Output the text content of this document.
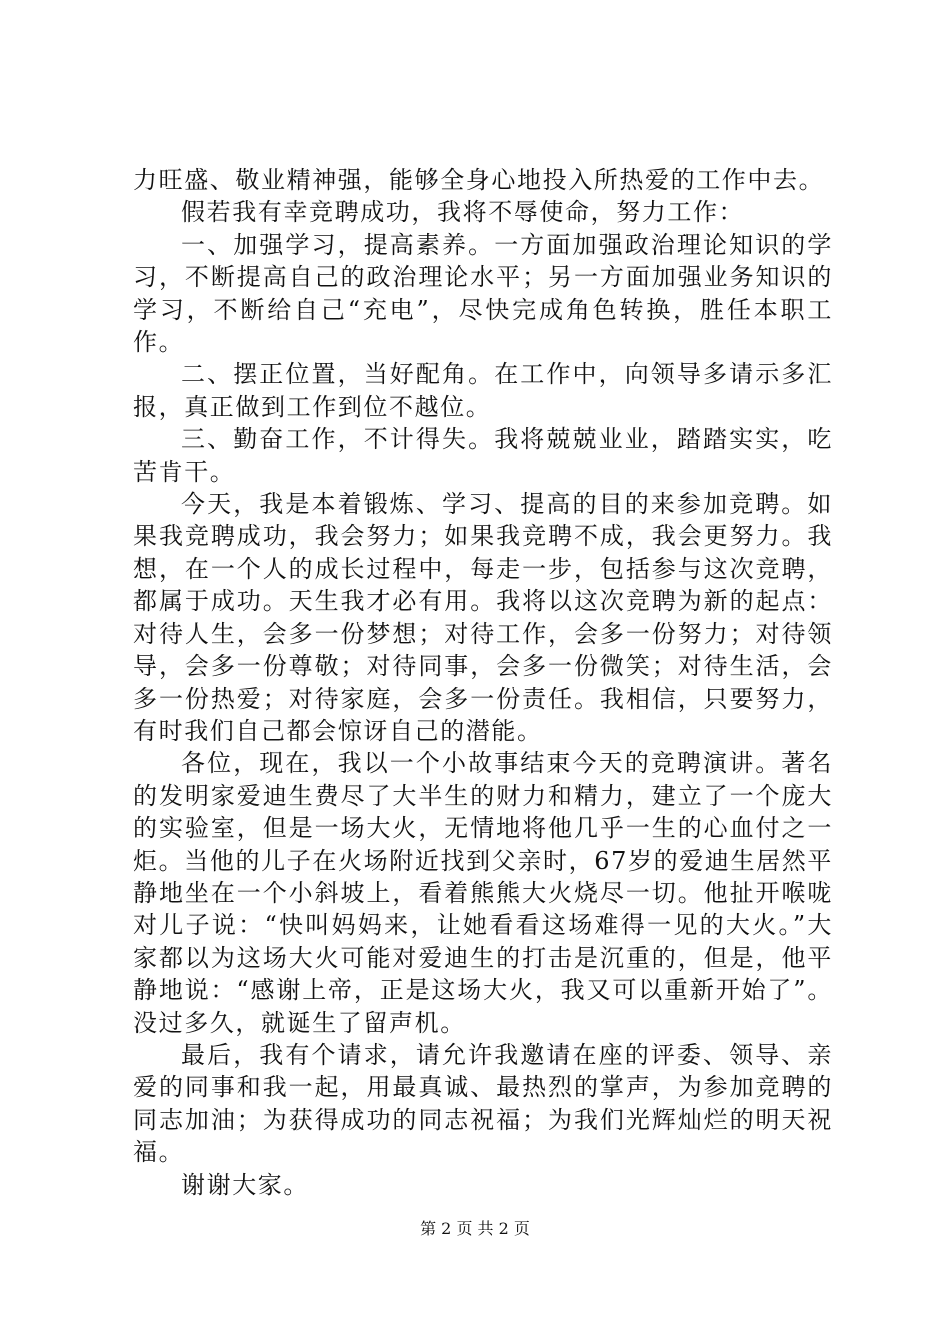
力旺盛、敬业精神强，能够全身心地投入所热爱的工作中去。

假若我有幸竞聘成功，我将不辱使命，努力工作：

一、加强学习，提高素养。一方面加强政治理论知识的学习，不断提高自己的政治理论水平；另一方面加强业务知识的学习，不断给自己“充电”，尽快完成角色转换，胜任本职工作。

二、摆正位置，当好配角。在工作中，向领导多请示多汇报，真正做到工作到位不越位。

三、勤奋工作，不计得失。我将兢兢业业，踏踏实实，吃苦肯干。

今天，我是本着锻炼、学习、提高的目的来参加竞聘。如果我竞聘成功，我会努力；如果我竞聘不成，我会更努力。我想，在一个人的成长过程中，每走一步，包括参与这次竞聘，都属于成功。天生我才必有用。我将以这次竞聘为新的起点：对待人生，会多一份梦想；对待工作，会多一份努力；对待领导，会多一份尊敬；对待同事，会多一份微笑；对待生活，会多一份热爱；对待家庭，会多一份责任。我相信，只要努力，有时我们自己都会惊讶自己的潜能。

各位，现在，我以一个小故事结束今天的竞聘演讲。著名的发明家爱迪生费尽了大半生的财力和精力，建立了一个庞大的实验室，但是一场大火，无情地将他几乎一生的心血付之一炬。当他的儿子在火场附近找到父亲时，67岁的爱迪生居然平静地坐在一个小斜坡上，看着熊熊大火烧尽一切。他扯开喉咙对儿子说：“快叫妈妈来，让她看看这场难得一见的大火。”大家都以为这场大火可能对爱迪生的打击是沉重的，但是，他平静地说：“感谢上帝，正是这场大火，我又可以重新开始了”。没过多久，就诞生了留声机。

最后，我有个请求，请允许我邀请在座的评委、领导、亲爱的同事和我一起，用最真诚、最热烈的掌声，为参加竞聘的同志加油；为获得成功的同志祝福；为我们光辉灿烂的明天祝福。

谢谢大家。

第 2 页 共 2 页
